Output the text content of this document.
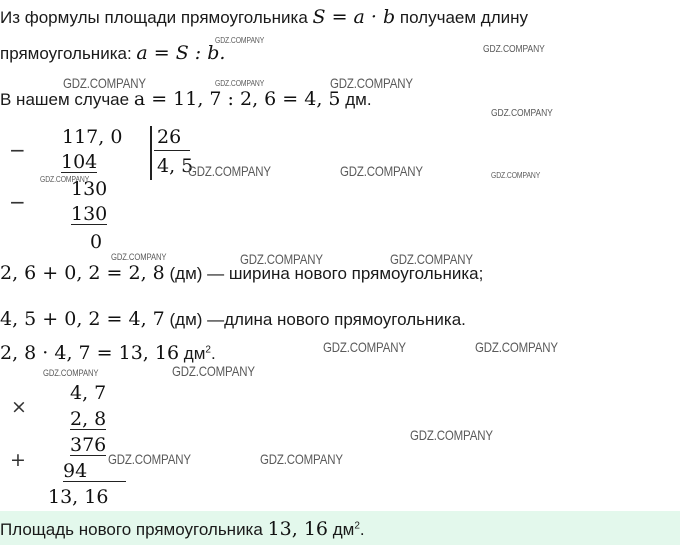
Из формулы площади прямоугольника S = a · b получаем длину
прямоугольника: a = S : b.
В нашем случае a = 11, 7 : 2, 6 = 4, 5 дм.
−
117, 0 26
4, 5
104
130
− 130
0
2, 6 + 0, 2 = 2, 8 (дм) — ширина нового прямоугольника;
4, 5 + 0, 2 = 4, 7 (дм) —длина нового прямоугольника.
2, 8 · 4, 7 = 13, 16 $дм^2$.
×
4, 7
2, 8
376
+ 94
13, 16
Площадь нового прямоугольника 13, 16 $дм^2$.
GDZ.COMPANY
GDZ.COMPANY
GDZ.COMPANY	GDZ.COMPANY	GDZ.COMPANY
GDZ.COMPANY
GDZ.COMPANY	GDZ.COMPANY	GDZ.COMPANY
GDZ.COMPANY
GDZ.COMPANY	GDZ.COMPANY	GDZ.COMPANY
GDZ.COMPANY	GDZ.COMPANY
GDZ.COMPANY	GDZ.COMPANY
GDZ.COMPANY
GDZ.COMPANY	GDZ.COMPANY
